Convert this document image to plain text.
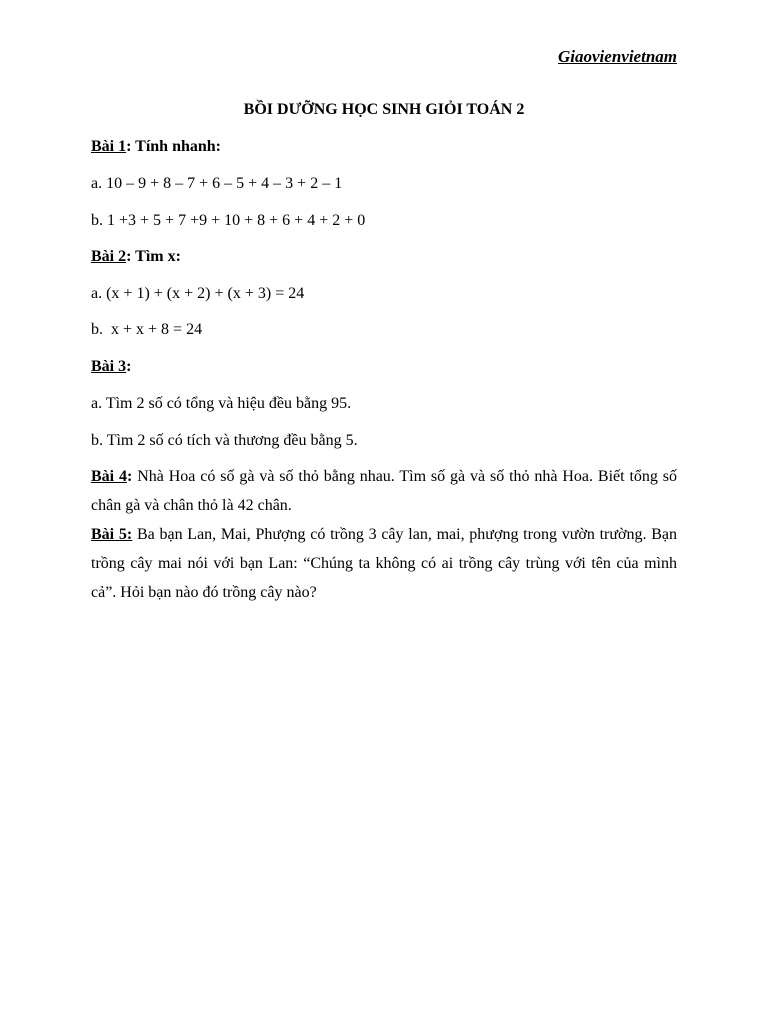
Giaovienvietnam
BỒI DƯỠNG HỌC SINH GIỎI TOÁN 2
Bài 1: Tính nhanh:
a. 10 – 9 + 8 – 7 + 6 – 5 + 4 – 3 + 2 – 1
b. 1 +3 + 5 + 7 +9 + 10 + 8 + 6 + 4 + 2 + 0
Bài 2: Tìm x:
a. (x + 1) + (x + 2) + (x + 3) = 24
b.  x + x + 8 = 24
Bài 3:
a. Tìm 2 số có tổng và hiệu đều bằng 95.
b. Tìm 2 số có tích và thương đều bằng 5.
Bài 4: Nhà Hoa có số gà và số thỏ bằng nhau. Tìm số gà và số thỏ nhà Hoa. Biết tổng số chân gà và chân thỏ là 42 chân.
Bài 5: Ba bạn Lan, Mai, Phượng có trồng 3 cây lan, mai, phượng trong vườn trường. Bạn trồng cây mai nói với bạn Lan: “Chúng ta không có ai trồng cây trùng với tên của mình cả”. Hỏi bạn nào đó trồng cây nào?
